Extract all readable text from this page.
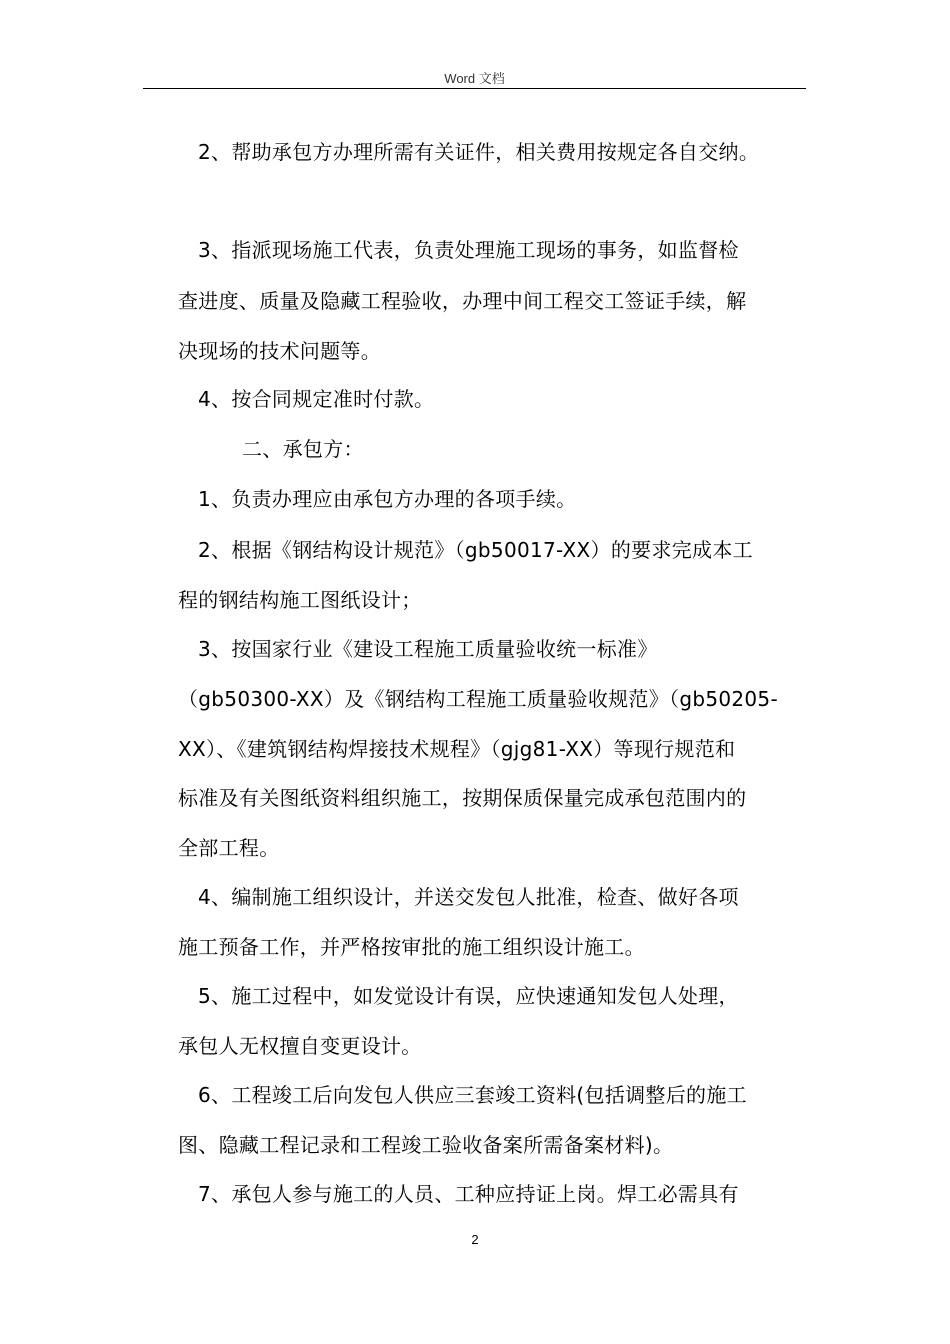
Word 文档
2、帮助承包方办理所需有关证件，相关费用按规定各自交纳。
3、指派现场施工代表，负责处理施工现场的事务，如监督检
查进度、质量及隐藏工程验收，办理中间工程交工签证手续，解
决现场的技术问题等。
4、按合同规定准时付款。
二、承包方：
1、负责办理应由承包方办理的各项手续。
2、根据《钢结构设计规范》（gb50017-XX）的要求完成本工
程的钢结构施工图纸设计；
3、按国家行业《建设工程施工质量验收统一标准》
（gb50300-XX）及《钢结构工程施工质量验收规范》（gb50205-
XX）、《建筑钢结构焊接技术规程》（gjg81-XX）等现行规范和
标准及有关图纸资料组织施工，按期保质保量完成承包范围内的
全部工程。
4、编制施工组织设计，并送交发包人批准，检查、做好各项
施工预备工作，并严格按审批的施工组织设计施工。
5、施工过程中，如发觉设计有误，应快速通知发包人处理，
承包人无权擅自变更设计。
6、工程竣工后向发包人供应三套竣工资料(包括调整后的施工
图、隐藏工程记录和工程竣工验收备案所需备案材料)。
7、承包人参与施工的人员、工种应持证上岗。焊工必需具有
2
